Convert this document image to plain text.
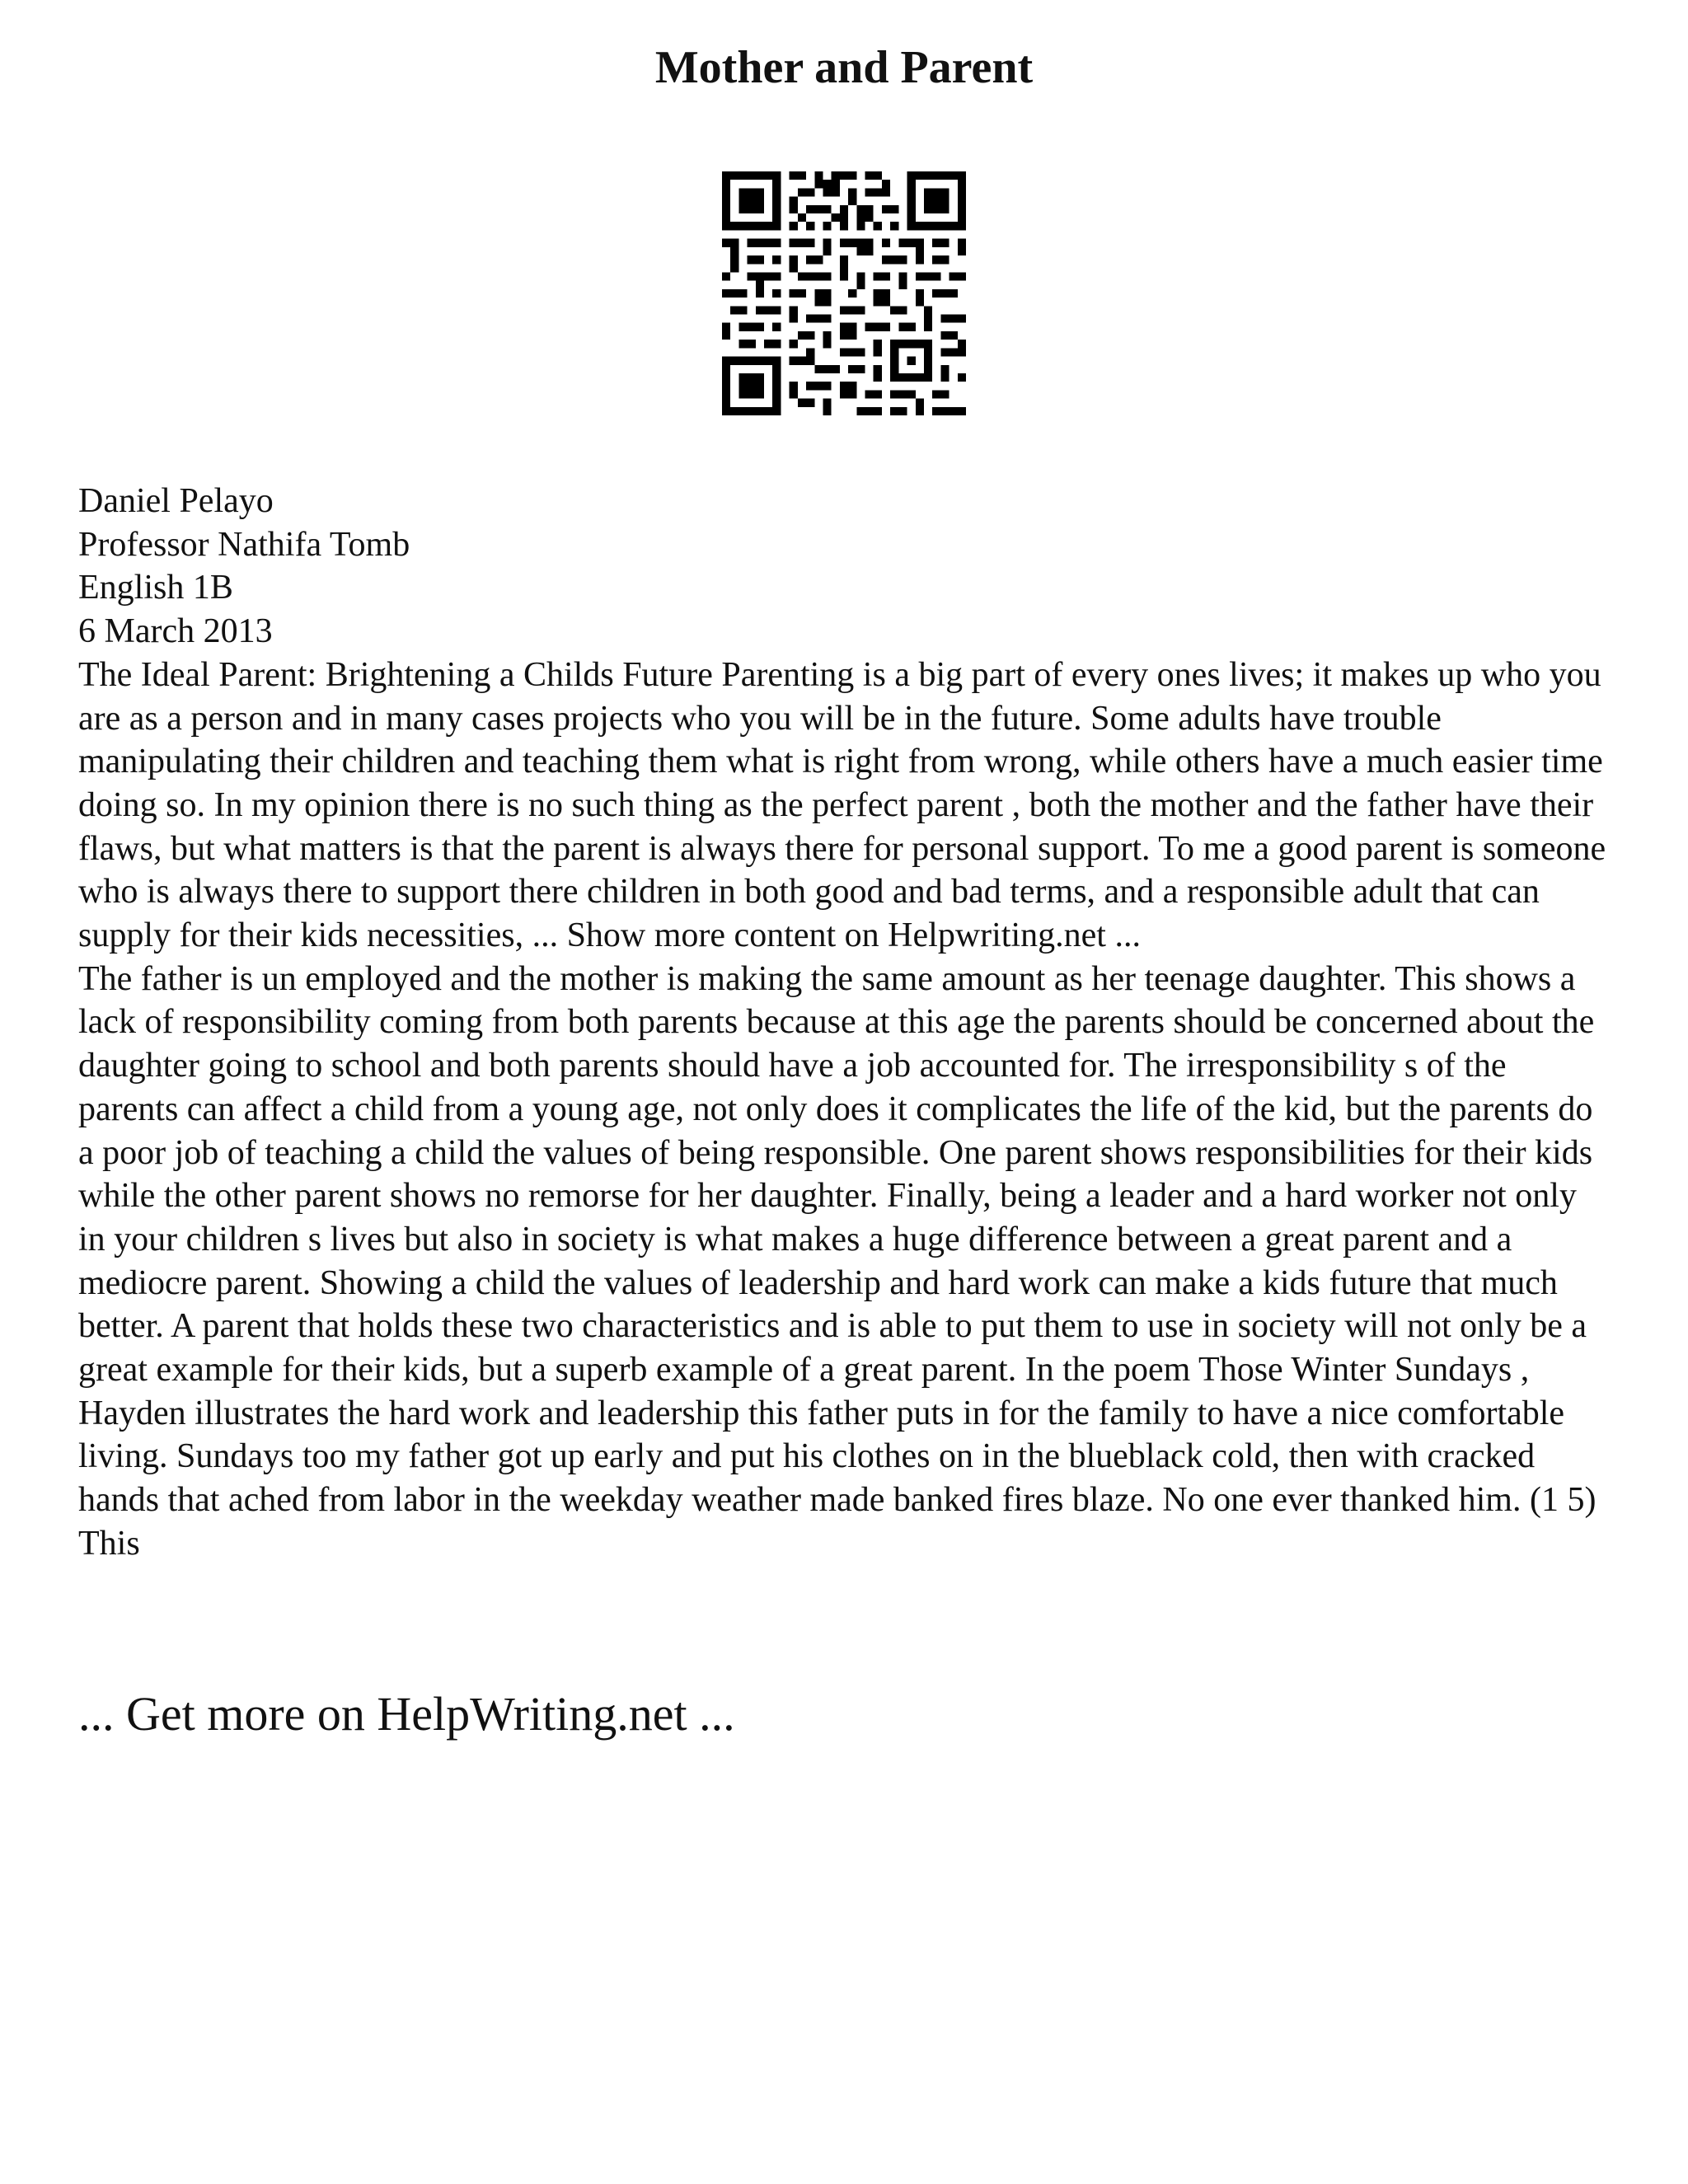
Mother and Parent

Daniel Pelayo

Professor Nathifa Tomb

English 1B

6 March 2013

The Ideal Parent: Brightening a Childs Future Parenting is a big part of every ones lives; it makes up who you are as a person and in many cases projects who you will be in the future. Some adults have trouble manipulating their children and teaching them what is right from wrong, while others have a much easier time doing so. In my opinion there is no such thing as the perfect parent , both the mother and the father have their flaws, but what matters is that the parent is always there for personal support. To me a good parent is someone who is always there to support there children in both good and bad terms, and a responsible adult that can supply for their kids necessities, ... Show more content on Helpwriting.net ...

The father is un employed and the mother is making the same amount as her teenage daughter. This shows a lack of responsibility coming from both parents because at this age the parents should be concerned about the daughter going to school and both parents should have a job accounted for. The irresponsibility s of the parents can affect a child from a young age, not only does it complicates the life of the kid, but the parents do a poor job of teaching a child the values of being responsible. One parent shows responsibilities for their kids while the other parent shows no remorse for her daughter. Finally, being a leader and a hard worker not only in your children s lives but also in society is what makes a huge difference between a great parent and a mediocre parent. Showing a child the values of leadership and hard work can make a kids future that much better. A parent that holds these two characteristics and is able to put them to use in society will not only be a great example for their kids, but a superb example of a great parent. In the poem Those Winter Sundays , Hayden illustrates the hard work and leadership this father puts in for the family to have a nice comfortable living. Sundays too my father got up early and put his clothes on in the blueblack cold, then with cracked hands that ached from labor in the weekday weather made banked fires blaze. No one ever thanked him. (1 5) This

... Get more on HelpWriting.net ...
